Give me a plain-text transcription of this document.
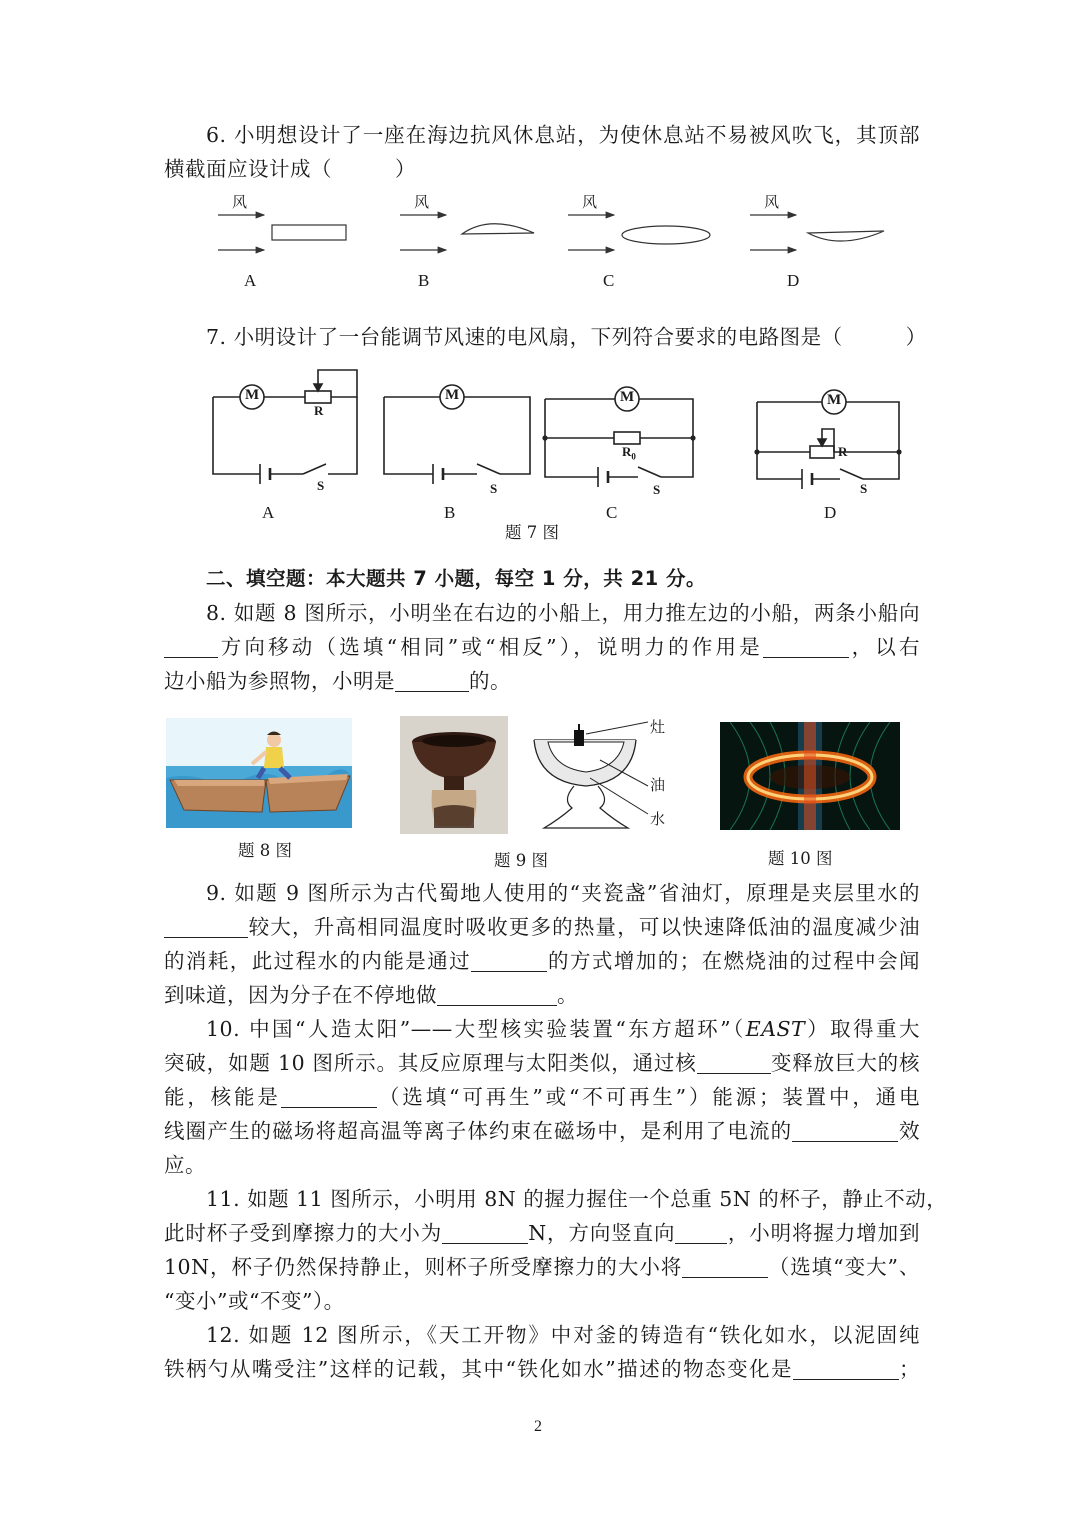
6. 小明想设计了一座在海边抗风休息站，为使休息站不易被风吹飞，其顶部
横截面应设计成（　　　）
风	风	风	风
A	B	C	D
7. 小明设计了一台能调节风速的电风扇，下列符合要求的电路图是（　　　）
M	M	M	M
R
$R_0$	R
S	S	S	S
A	B	C	D
题 7 图
二、填空题：本大题共 7 小题，每空 1 分，共 21 分。
8. 如题 8 图所示，小明坐在右边的小船上，用力推左边的小船，两条小船向
方向移动（选填“相同”或“相反”），说明力的作用是	，以右
边小船为参照物，小明是	的。
题 8 图
灶
油
水
题 9 图	题 10 图
9. 如题 9 图所示为古代蜀地人使用的“夹瓷盏”省油灯，原理是夹层里水的
较大，升高相同温度时吸收更多的热量，可以快速降低油的温度减少油
的消耗，此过程水的内能是通过	的方式增加的；在燃烧油的过程中会闻
到味道，因为分子在不停地做	。
10. 中国“人造太阳”——大型核实验装置“东方超环”（EAST）取得重大
突破，如题 10 图所示。其反应原理与太阳类似，通过核	变释放巨大的核
能，核能是	（选填“可再生”或“不可再生”）能源；装置中，通电
线圈产生的磁场将超高温等离子体约束在磁场中，是利用了电流的	效
应。
11. 如题 11 图所示，小明用 8N 的握力握住一个总重 5N 的杯子，静止不动，
此时杯子受到摩擦力的大小为	N，方向竖直向	，小明将握力增加到
10N，杯子仍然保持静止，则杯子所受摩擦力的大小将	（选填“变大”、
“变小”或“不变”）。
12. 如题 12 图所示，《天工开物》中对釜的铸造有“铁化如水，以泥固纯
铁柄勺从嘴受注”这样的记载，其中“铁化如水”描述的物态变化是	；
2
